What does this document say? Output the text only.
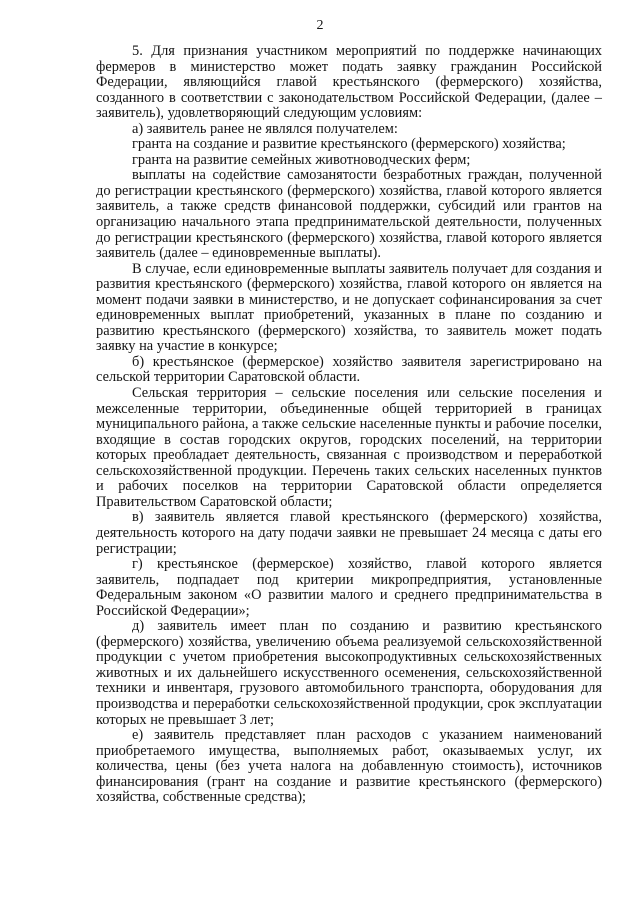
2

5. Для признания участником мероприятий по поддержке начинающих фермеров в министерство может подать заявку гражданин Российской Федерации, являющийся главой крестьянского (фермерского) хозяйства, созданного в соответствии с законодательством Российской Федерации, (далее – заявитель), удовлетворяющий следующим условиям:

а) заявитель ранее не являлся получателем:

гранта на создание и развитие крестьянского (фермерского) хозяйства;

гранта на развитие семейных животноводческих ферм;

выплаты на содействие самозанятости безработных граждан, полученной до регистрации крестьянского (фермерского) хозяйства, главой которого является заявитель, а также средств финансовой поддержки, субсидий или грантов на организацию начального этапа предпринимательской деятельности, полученных до регистрации крестьянского (фермерского) хозяйства, главой которого является заявитель (далее – единовременные выплаты).

В случае, если единовременные выплаты заявитель получает для создания и развития крестьянского (фермерского) хозяйства, главой которого он является на момент подачи заявки в министерство, и не допускает софинансирования за счет единовременных выплат приобретений, указанных в плане по созданию и развитию крестьянского (фермерского) хозяйства, то заявитель может подать заявку на участие в конкурсе;

б) крестьянское (фермерское) хозяйство заявителя зарегистрировано на сельской территории Саратовской области.

Сельская территория – сельские поселения или сельские поселения и межселенные территории, объединенные общей территорией в границах муниципального района, а также сельские населенные пункты и рабочие поселки, входящие в состав городских округов, городских поселений, на территории которых преобладает деятельность, связанная с производством и переработкой сельскохозяйственной продукции. Перечень таких сельских населенных пунктов и рабочих поселков на территории Саратовской области определяется Правительством Саратовской области;

в) заявитель является главой крестьянского (фермерского) хозяйства, деятельность которого на дату подачи заявки не превышает 24 месяца с даты его регистрации;

г) крестьянское (фермерское) хозяйство, главой которого является заявитель, подпадает под критерии микропредприятия, установленные Федеральным законом «О развитии малого и среднего предпринимательства в Российской Федерации»;

д) заявитель имеет план по созданию и развитию крестьянского (фермерского) хозяйства, увеличению объема реализуемой сельскохозяйственной продукции с учетом приобретения высокопродуктивных сельскохозяйственных животных и их дальнейшего искусственного осеменения, сельскохозяйственной техники и инвентаря, грузового автомобильного транспорта, оборудования для производства и переработки сельскохозяйственной продукции, срок эксплуатации которых не превышает 3 лет;

е) заявитель представляет план расходов с указанием наименований приобретаемого имущества, выполняемых работ, оказываемых услуг, их количества, цены (без учета налога на добавленную стоимость), источников финансирования (грант на создание и развитие крестьянского (фермерского) хозяйства, собственные средства);
